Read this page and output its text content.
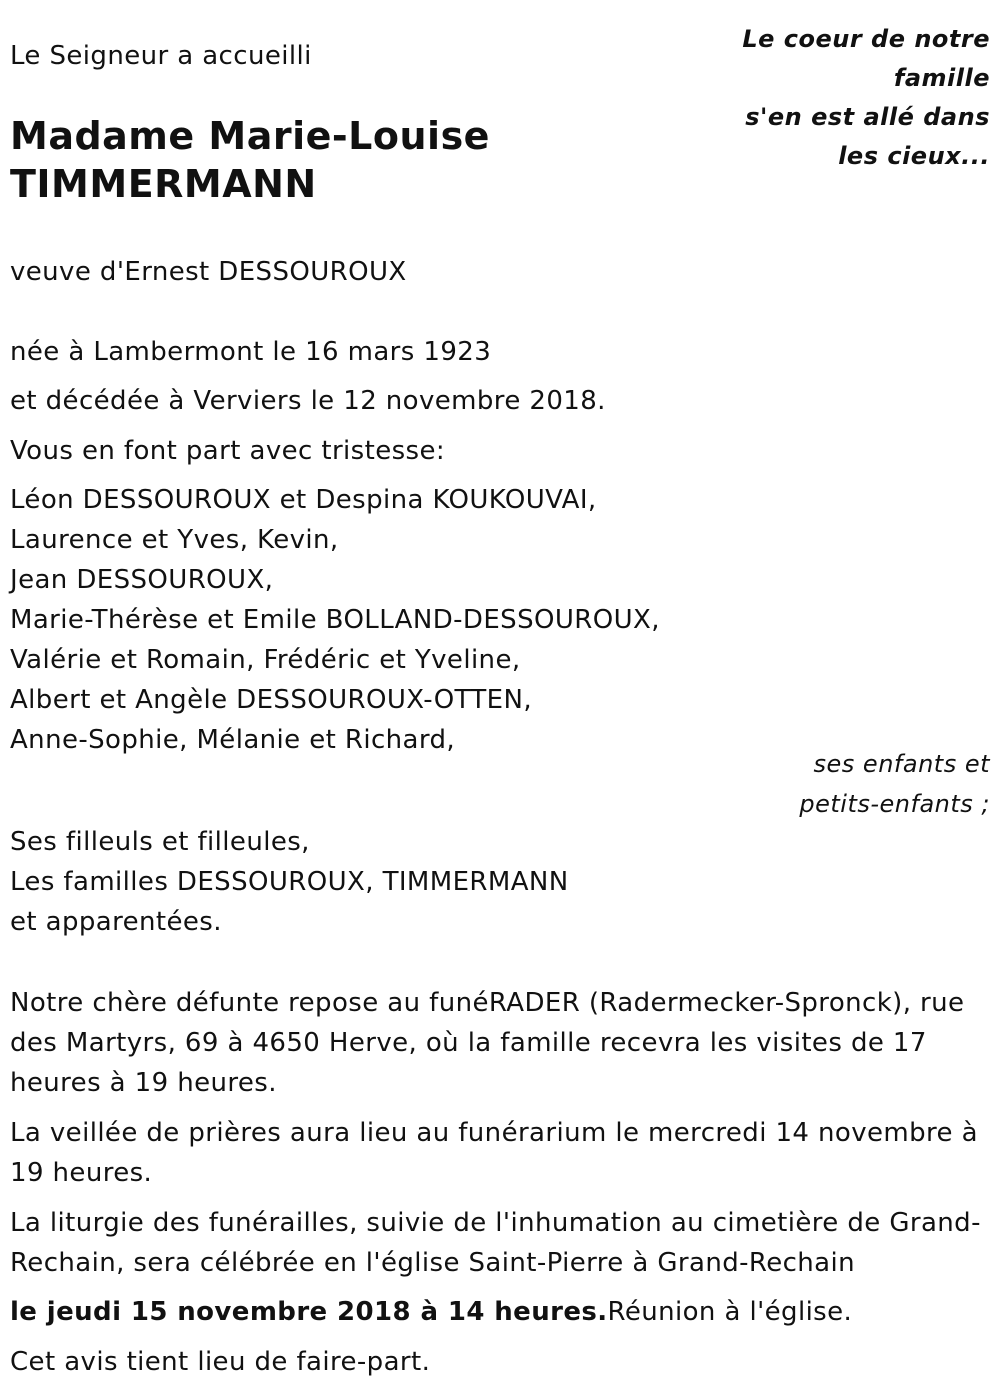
Le Seigneur a accueilli

Le coeur de notre
famille
s'en est allé dans
les cieux...
Madame Marie-Louise
TIMMERMANN

veuve d'Ernest DESSOUROUX

née à Lambermont le 16 mars 1923

et décédée à Verviers le 12 novembre 2018.

Vous en font part avec tristesse:

Léon DESSOUROUX et Despina KOUKOUVAI,
Laurence et Yves, Kevin,
Jean DESSOUROUX,
Marie-Thérèse et Emile BOLLAND-DESSOUROUX,
Valérie et Romain, Frédéric et Yveline,
Albert et Angèle DESSOUROUX-OTTEN,
Anne-Sophie, Mélanie et Richard,
ses enfants et
petits-enfants ;
Ses filleuls et filleules,
Les familles DESSOUROUX, TIMMERMANN
et apparentées.

Notre chère défunte repose au funéRADER (Radermecker-Spronck), rue
des Martyrs, 69 à 4650 Herve, où la famille recevra les visites de 17
heures à 19 heures.

La veillée de prières aura lieu au funérarium le mercredi 14 novembre à
19 heures.

La liturgie des funérailles, suivie de l'inhumation au cimetière de Grand-
Rechain, sera célébrée en l'église Saint-Pierre à Grand-Rechain

le jeudi 15 novembre 2018 à 14 heures.Réunion à l'église.

Cet avis tient lieu de faire-part.
